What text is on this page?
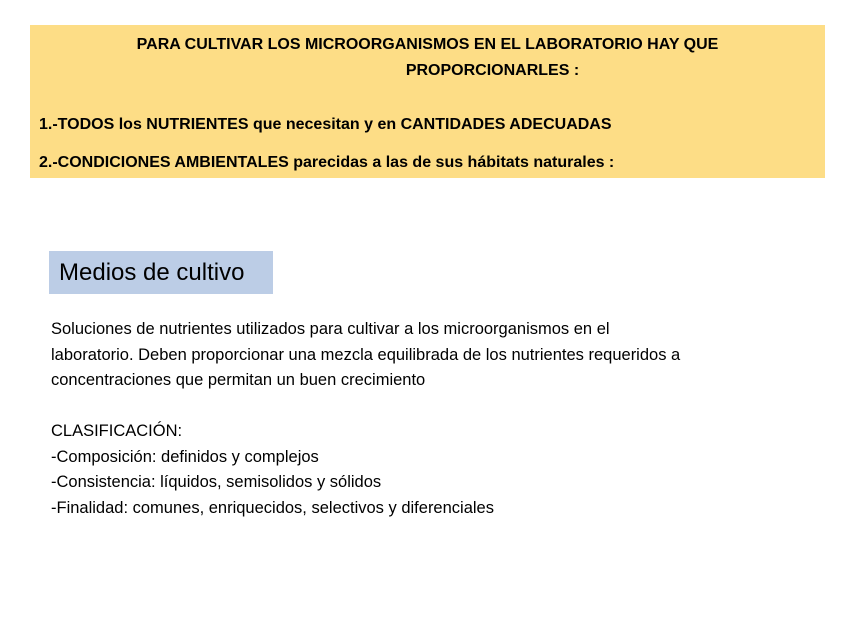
PARA CULTIVAR LOS MICROORGANISMOS EN EL LABORATORIO HAY QUE
PROPORCIONARLES :
1.-TODOS los NUTRIENTES que necesitan y en CANTIDADES ADECUADAS
2.-CONDICIONES AMBIENTALES parecidas a las de sus hábitats naturales :
Medios de cultivo
Soluciones de nutrientes utilizados para cultivar a los microorganismos en el
laboratorio. Deben proporcionar una mezcla equilibrada de los nutrientes requeridos a
concentraciones que permitan un buen crecimiento
CLASIFICACIÓN:
-Composición: definidos y complejos
-Consistencia: líquidos, semisolidos y sólidos
-Finalidad: comunes, enriquecidos, selectivos y diferenciales
